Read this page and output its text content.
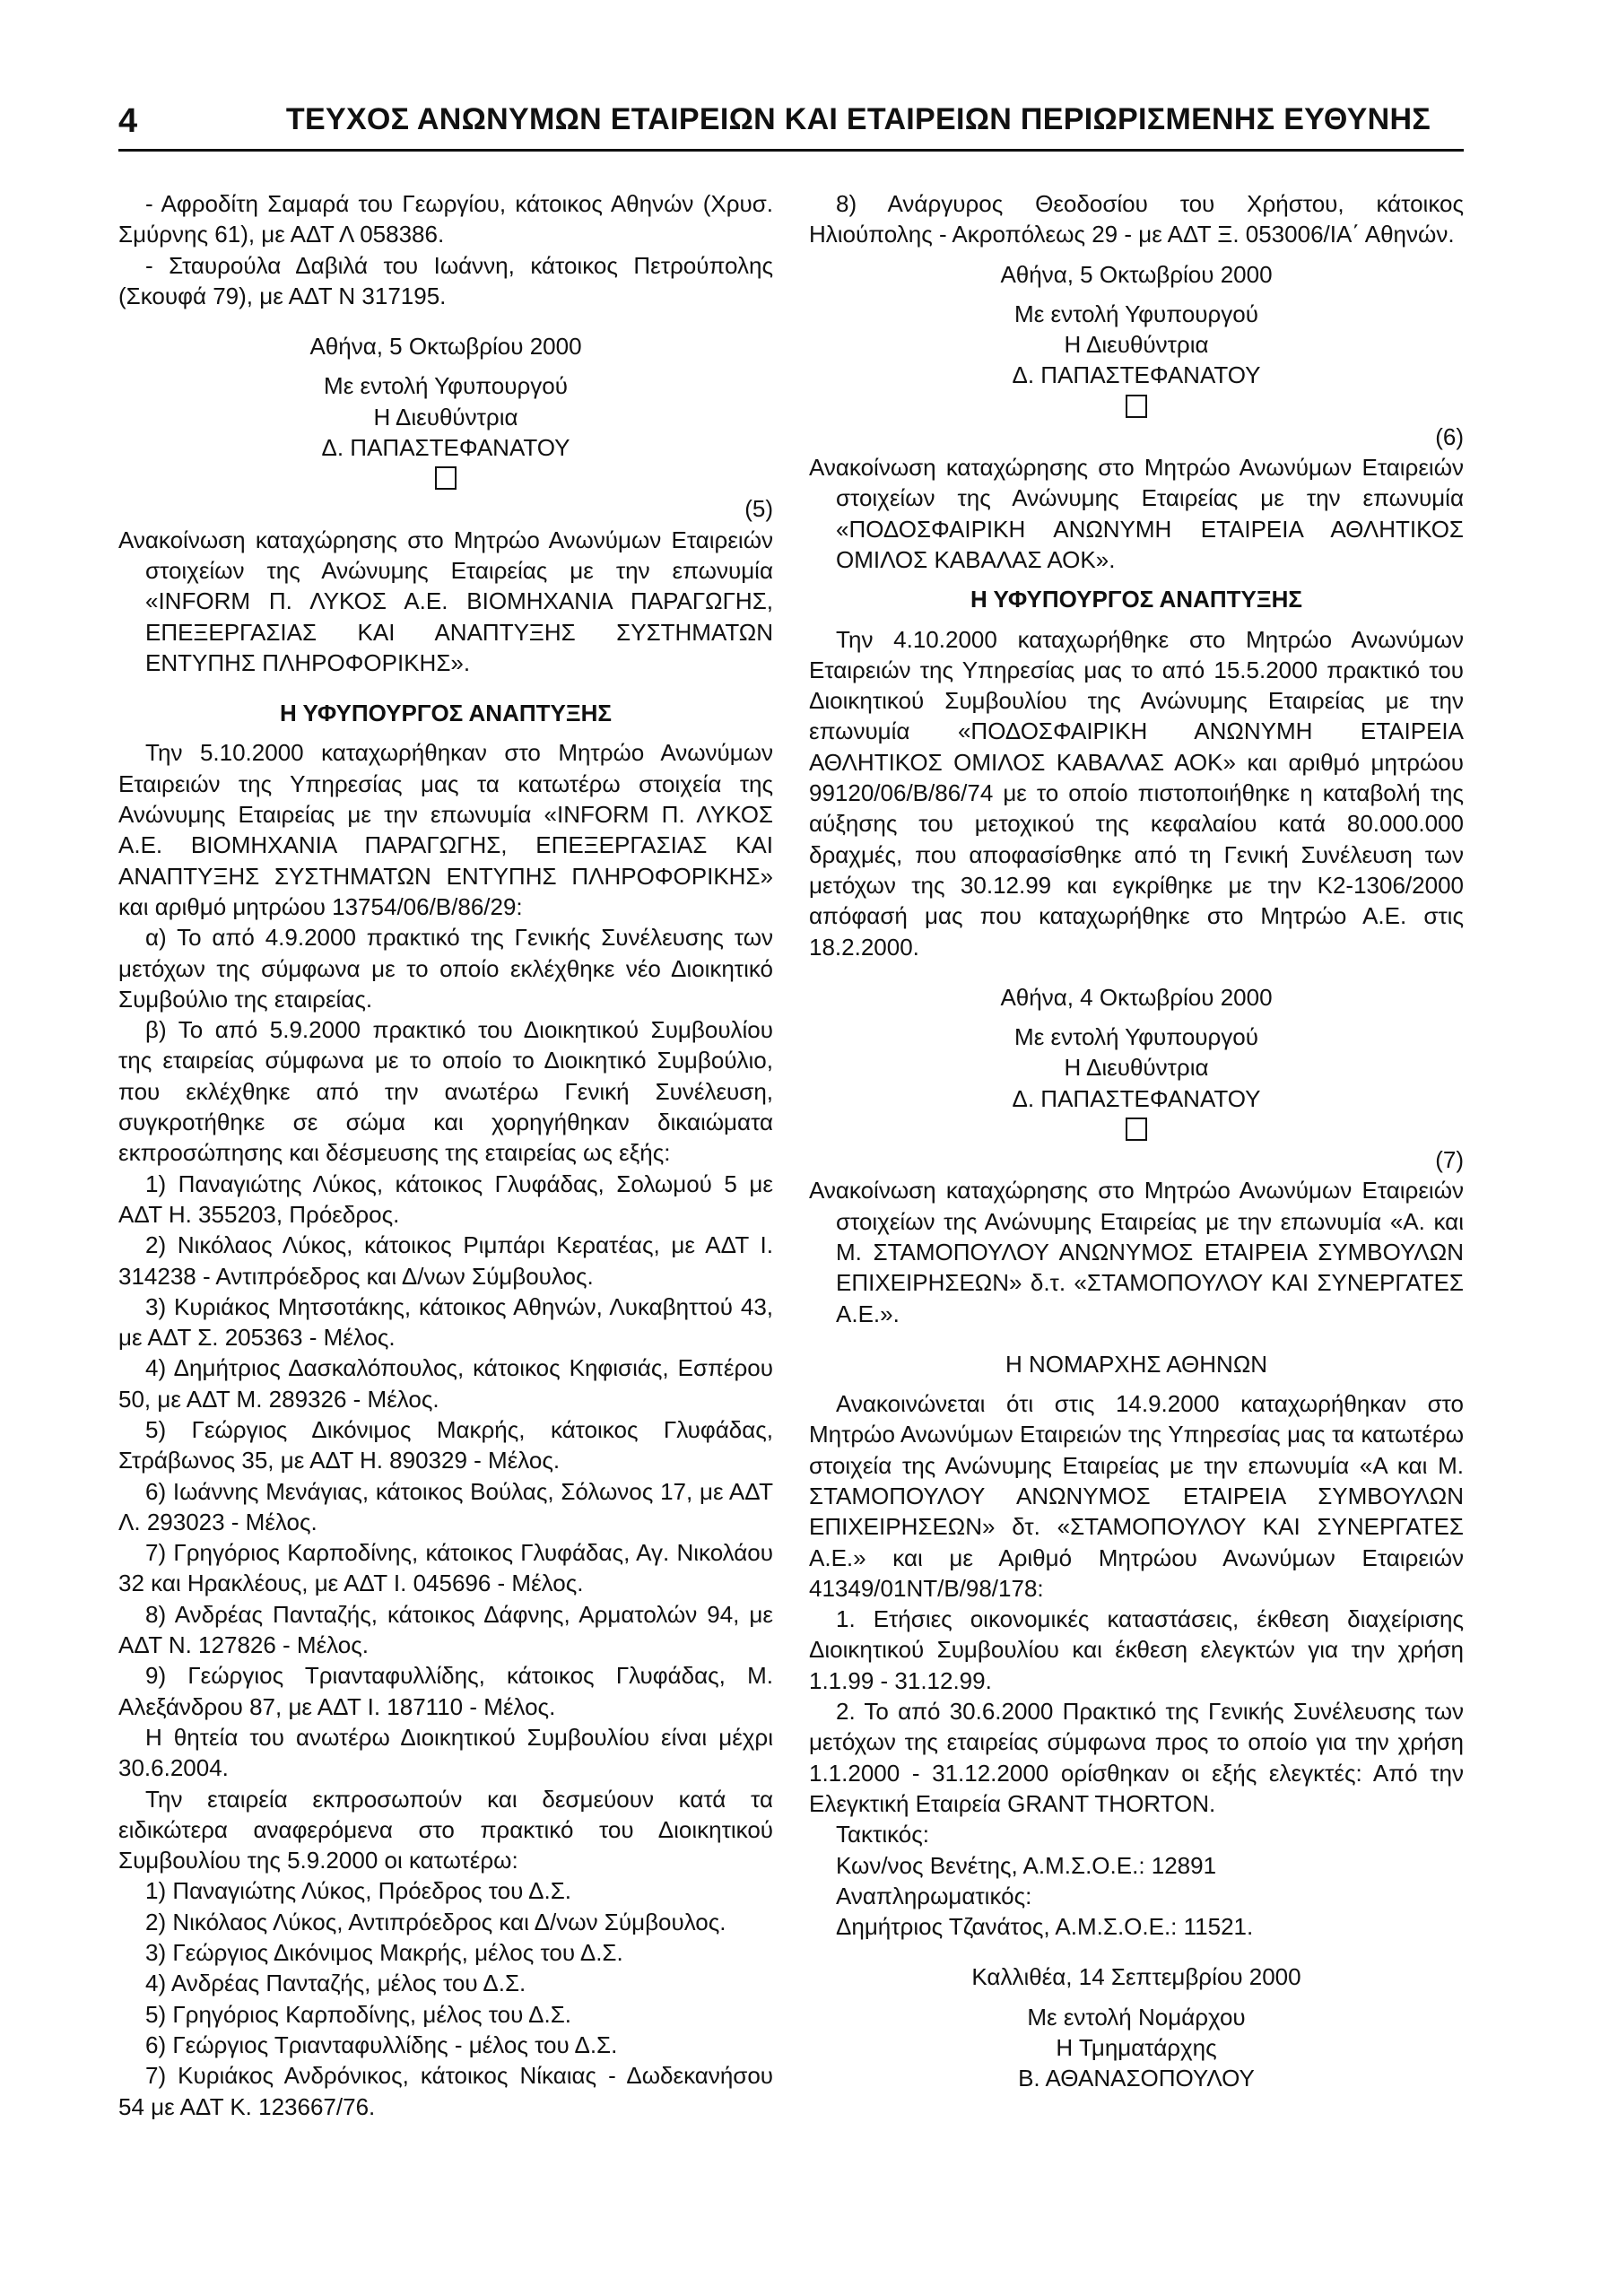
4	ΤΕΥΧΟΣ ΑΝΩΝΥΜΩΝ ΕΤΑΙΡΕΙΩΝ ΚΑΙ ΕΤΑΙΡΕΙΩΝ ΠΕΡΙΩΡΙΣΜΕΝΗΣ ΕΥΘΥΝΗΣ

- Αφροδίτη Σαμαρά του Γεωργίου, κάτοικος Αθηνών (Χρυσ. Σμύρνης 61), με ΑΔΤ Λ 058386.

- Σταυρούλα Δαβιλά του Ιωάννη, κάτοικος Πετρούπολης (Σκουφά 79), με ΑΔΤ Ν 317195.

Αθήνα, 5 Οκτωβρίου 2000

Με εντολή Υφυπουργού

Η Διευθύντρια

Δ. ΠΑΠΑΣΤΕΦΑΝΑΤΟΥ

(5)

Ανακοίνωση καταχώρησης στο Μητρώο Ανωνύμων Εταιρειών στοιχείων της Ανώνυμης Εταιρείας με την επωνυμία «INFORM Π. ΛΥΚΟΣ Α.Ε. ΒΙΟΜΗΧΑΝΙΑ ΠΑΡΑΓΩΓΗΣ, ΕΠΕΞΕΡΓΑΣΙΑΣ ΚΑΙ ΑΝΑΠΤΥΞΗΣ ΣΥΣΤΗΜΑΤΩΝ ΕΝΤΥΠΗΣ ΠΛΗΡΟΦΟΡΙΚΗΣ».

Η ΥΦΥΠΟΥΡΓΟΣ ΑΝΑΠΤΥΞΗΣ

Την 5.10.2000 καταχωρήθηκαν στο Μητρώο Ανωνύμων Εταιρειών της Υπηρεσίας μας τα κατωτέρω στοιχεία της Ανώνυμης Εταιρείας με την επωνυμία «INFORM Π. ΛΥΚΟΣ Α.Ε. ΒΙΟΜΗΧΑΝΙΑ ΠΑΡΑΓΩΓΗΣ, ΕΠΕΞΕΡΓΑΣΙΑΣ ΚΑΙ ΑΝΑΠΤΥΞΗΣ ΣΥΣΤΗΜΑΤΩΝ ΕΝΤΥΠΗΣ ΠΛΗΡΟΦΟΡΙΚΗΣ» και αριθμό μητρώου 13754/06/Β/86/29:

α) Το από 4.9.2000 πρακτικό της Γενικής Συνέλευσης των μετόχων της σύμφωνα με το οποίο εκλέχθηκε νέο Διοικητικό Συμβούλιο της εταιρείας.

β) Το από 5.9.2000 πρακτικό του Διοικητικού Συμβουλίου της εταιρείας σύμφωνα με το οποίο το Διοικητικό Συμβούλιο, που εκλέχθηκε από την ανωτέρω Γενική Συνέλευση, συγκροτήθηκε σε σώμα και χορηγήθηκαν δικαιώματα εκπροσώπησης και δέσμευσης της εταιρείας ως εξής:

1) Παναγιώτης Λύκος, κάτοικος Γλυφάδας, Σολωμού 5 με ΑΔΤ Η. 355203, Πρόεδρος.

2) Νικόλαος Λύκος, κάτοικος Ριμπάρι Κερατέας, με ΑΔΤ Ι. 314238 - Αντιπρόεδρος και Δ/νων Σύμβουλος.

3) Κυριάκος Μητσοτάκης, κάτοικος Αθηνών, Λυκαβηττού 43, με ΑΔΤ Σ. 205363 - Μέλος.

4) Δημήτριος Δασκαλόπουλος, κάτοικος Κηφισιάς, Εσπέρου 50, με ΑΔΤ Μ. 289326 - Μέλος.

5) Γεώργιος Δικόνιμος Μακρής, κάτοικος Γλυφάδας, Στράβωνος 35, με ΑΔΤ Η. 890329 - Μέλος.

6) Ιωάννης Μενάγιας, κάτοικος Βούλας, Σόλωνος 17, με ΑΔΤ Λ. 293023 - Μέλος.

7) Γρηγόριος Καρποδίνης, κάτοικος Γλυφάδας, Αγ. Νικολάου 32 και Ηρακλέους, με ΑΔΤ Ι. 045696 - Μέλος.

8) Ανδρέας Πανταζής, κάτοικος Δάφνης, Αρματολών 94, με ΑΔΤ Ν. 127826 - Μέλος.

9) Γεώργιος Τριανταφυλλίδης, κάτοικος Γλυφάδας, Μ. Αλεξάνδρου 87, με ΑΔΤ Ι. 187110 - Μέλος.

Η θητεία του ανωτέρω Διοικητικού Συμβουλίου είναι μέχρι 30.6.2004.

Την εταιρεία εκπροσωπούν και δεσμεύουν κατά τα ειδικώτερα αναφερόμενα στο πρακτικό του Διοικητικού Συμβουλίου της 5.9.2000 οι κατωτέρω:

1) Παναγιώτης Λύκος, Πρόεδρος του Δ.Σ.

2) Νικόλαος Λύκος, Αντιπρόεδρος και Δ/νων Σύμβουλος.

3) Γεώργιος Δικόνιμος Μακρής, μέλος του Δ.Σ.

4) Ανδρέας Πανταζής, μέλος του Δ.Σ.

5) Γρηγόριος Καρποδίνης, μέλος του Δ.Σ.

6) Γεώργιος Τριανταφυλλίδης - μέλος του Δ.Σ.

7) Κυριάκος Ανδρόνικος, κάτοικος Νίκαιας - Δωδεκανήσου 54 με ΑΔΤ Κ. 123667/76.

8) Ανάργυρος Θεοδοσίου του Χρήστου, κάτοικος Ηλιούπολης - Ακροπόλεως 29 - με ΑΔΤ Ξ. 053006/ΙΑ΄ Αθηνών.

Αθήνα, 5 Οκτωβρίου 2000

Με εντολή Υφυπουργού

Η Διευθύντρια

Δ. ΠΑΠΑΣΤΕΦΑΝΑΤΟΥ

(6)

Ανακοίνωση καταχώρησης στο Μητρώο Ανωνύμων Εταιρειών στοιχείων της Ανώνυμης Εταιρείας με την επωνυμία «ΠΟΔΟΣΦΑΙΡΙΚΗ ΑΝΩΝΥΜΗ ΕΤΑΙΡΕΙΑ ΑΘΛΗΤΙΚΟΣ ΟΜΙΛΟΣ ΚΑΒΑΛΑΣ ΑΟΚ».

Η ΥΦΥΠΟΥΡΓΟΣ ΑΝΑΠΤΥΞΗΣ

Την 4.10.2000 καταχωρήθηκε στο Μητρώο Ανωνύμων Εταιρειών της Υπηρεσίας μας το από 15.5.2000 πρακτικό του Διοικητικού Συμβουλίου της Ανώνυμης Εταιρείας με την επωνυμία «ΠΟΔΟΣΦΑΙΡΙΚΗ ΑΝΩΝΥΜΗ ΕΤΑΙΡΕΙΑ ΑΘΛΗΤΙΚΟΣ ΟΜΙΛΟΣ ΚΑΒΑΛΑΣ ΑΟΚ» και αριθμό μητρώου 99120/06/Β/86/74 με το οποίο πιστοποιήθηκε η καταβολή της αύξησης του μετοχικού της κεφαλαίου κατά 80.000.000 δραχμές, που αποφασίσθηκε από τη Γενική Συνέλευση των μετόχων της 30.12.99 και εγκρίθηκε με την Κ2-1306/2000 απόφασή μας που καταχωρήθηκε στο Μητρώο Α.Ε. στις 18.2.2000.

Αθήνα, 4 Οκτωβρίου 2000

Με εντολή Υφυπουργού

Η Διευθύντρια

Δ. ΠΑΠΑΣΤΕΦΑΝΑΤΟΥ

(7)

Ανακοίνωση καταχώρησης στο Μητρώο Ανωνύμων Εταιρειών στοιχείων της Ανώνυμης Εταιρείας με την επωνυμία «Α. και Μ. ΣΤΑΜΟΠΟΥΛΟΥ ΑΝΩΝΥΜΟΣ ΕΤΑΙΡΕΙΑ ΣΥΜΒΟΥΛΩΝ ΕΠΙΧΕΙΡΗΣΕΩΝ» δ.τ. «ΣΤΑΜΟΠΟΥΛΟΥ ΚΑΙ ΣΥΝΕΡΓΑΤΕΣ Α.Ε.».

Η ΝΟΜΑΡΧΗΣ ΑΘΗΝΩΝ

Ανακοινώνεται ότι στις 14.9.2000 καταχωρήθηκαν στο Μητρώο Ανωνύμων Εταιρειών της Υπηρεσίας μας τα κατωτέρω στοιχεία της Ανώνυμης Εταιρείας με την επωνυμία «Α και Μ. ΣΤΑΜΟΠΟΥΛΟΥ ΑΝΩΝΥΜΟΣ ΕΤΑΙΡΕΙΑ ΣΥΜΒΟΥΛΩΝ ΕΠΙΧΕΙΡΗΣΕΩΝ» δτ. «ΣΤΑΜΟΠΟΥΛΟΥ ΚΑΙ ΣΥΝΕΡΓΑΤΕΣ Α.Ε.» και με Αριθμό Μητρώου Ανωνύμων Εταιρειών 41349/01ΝΤ/Β/98/178:

1. Ετήσιες οικονομικές καταστάσεις, έκθεση διαχείρισης Διοικητικού Συμβουλίου και έκθεση ελεγκτών για την χρήση 1.1.99 - 31.12.99.

2. Το από 30.6.2000 Πρακτικό της Γενικής Συνέλευσης των μετόχων της εταιρείας σύμφωνα προς το οποίο για την χρήση 1.1.2000 - 31.12.2000 ορίσθηκαν οι εξής ελεγκτές: Από την Ελεγκτική Εταιρεία GRANT THORTON.

Τακτικός:

Κων/νος Βενέτης, Α.Μ.Σ.Ο.Ε.: 12891

Αναπληρωματικός:

Δημήτριος Τζανάτος, Α.Μ.Σ.Ο.Ε.: 11521.

Καλλιθέα, 14 Σεπτεμβρίου 2000

Με εντολή Νομάρχου

Η Τμηματάρχης

Β. ΑΘΑΝΑΣΟΠΟΥΛΟΥ
